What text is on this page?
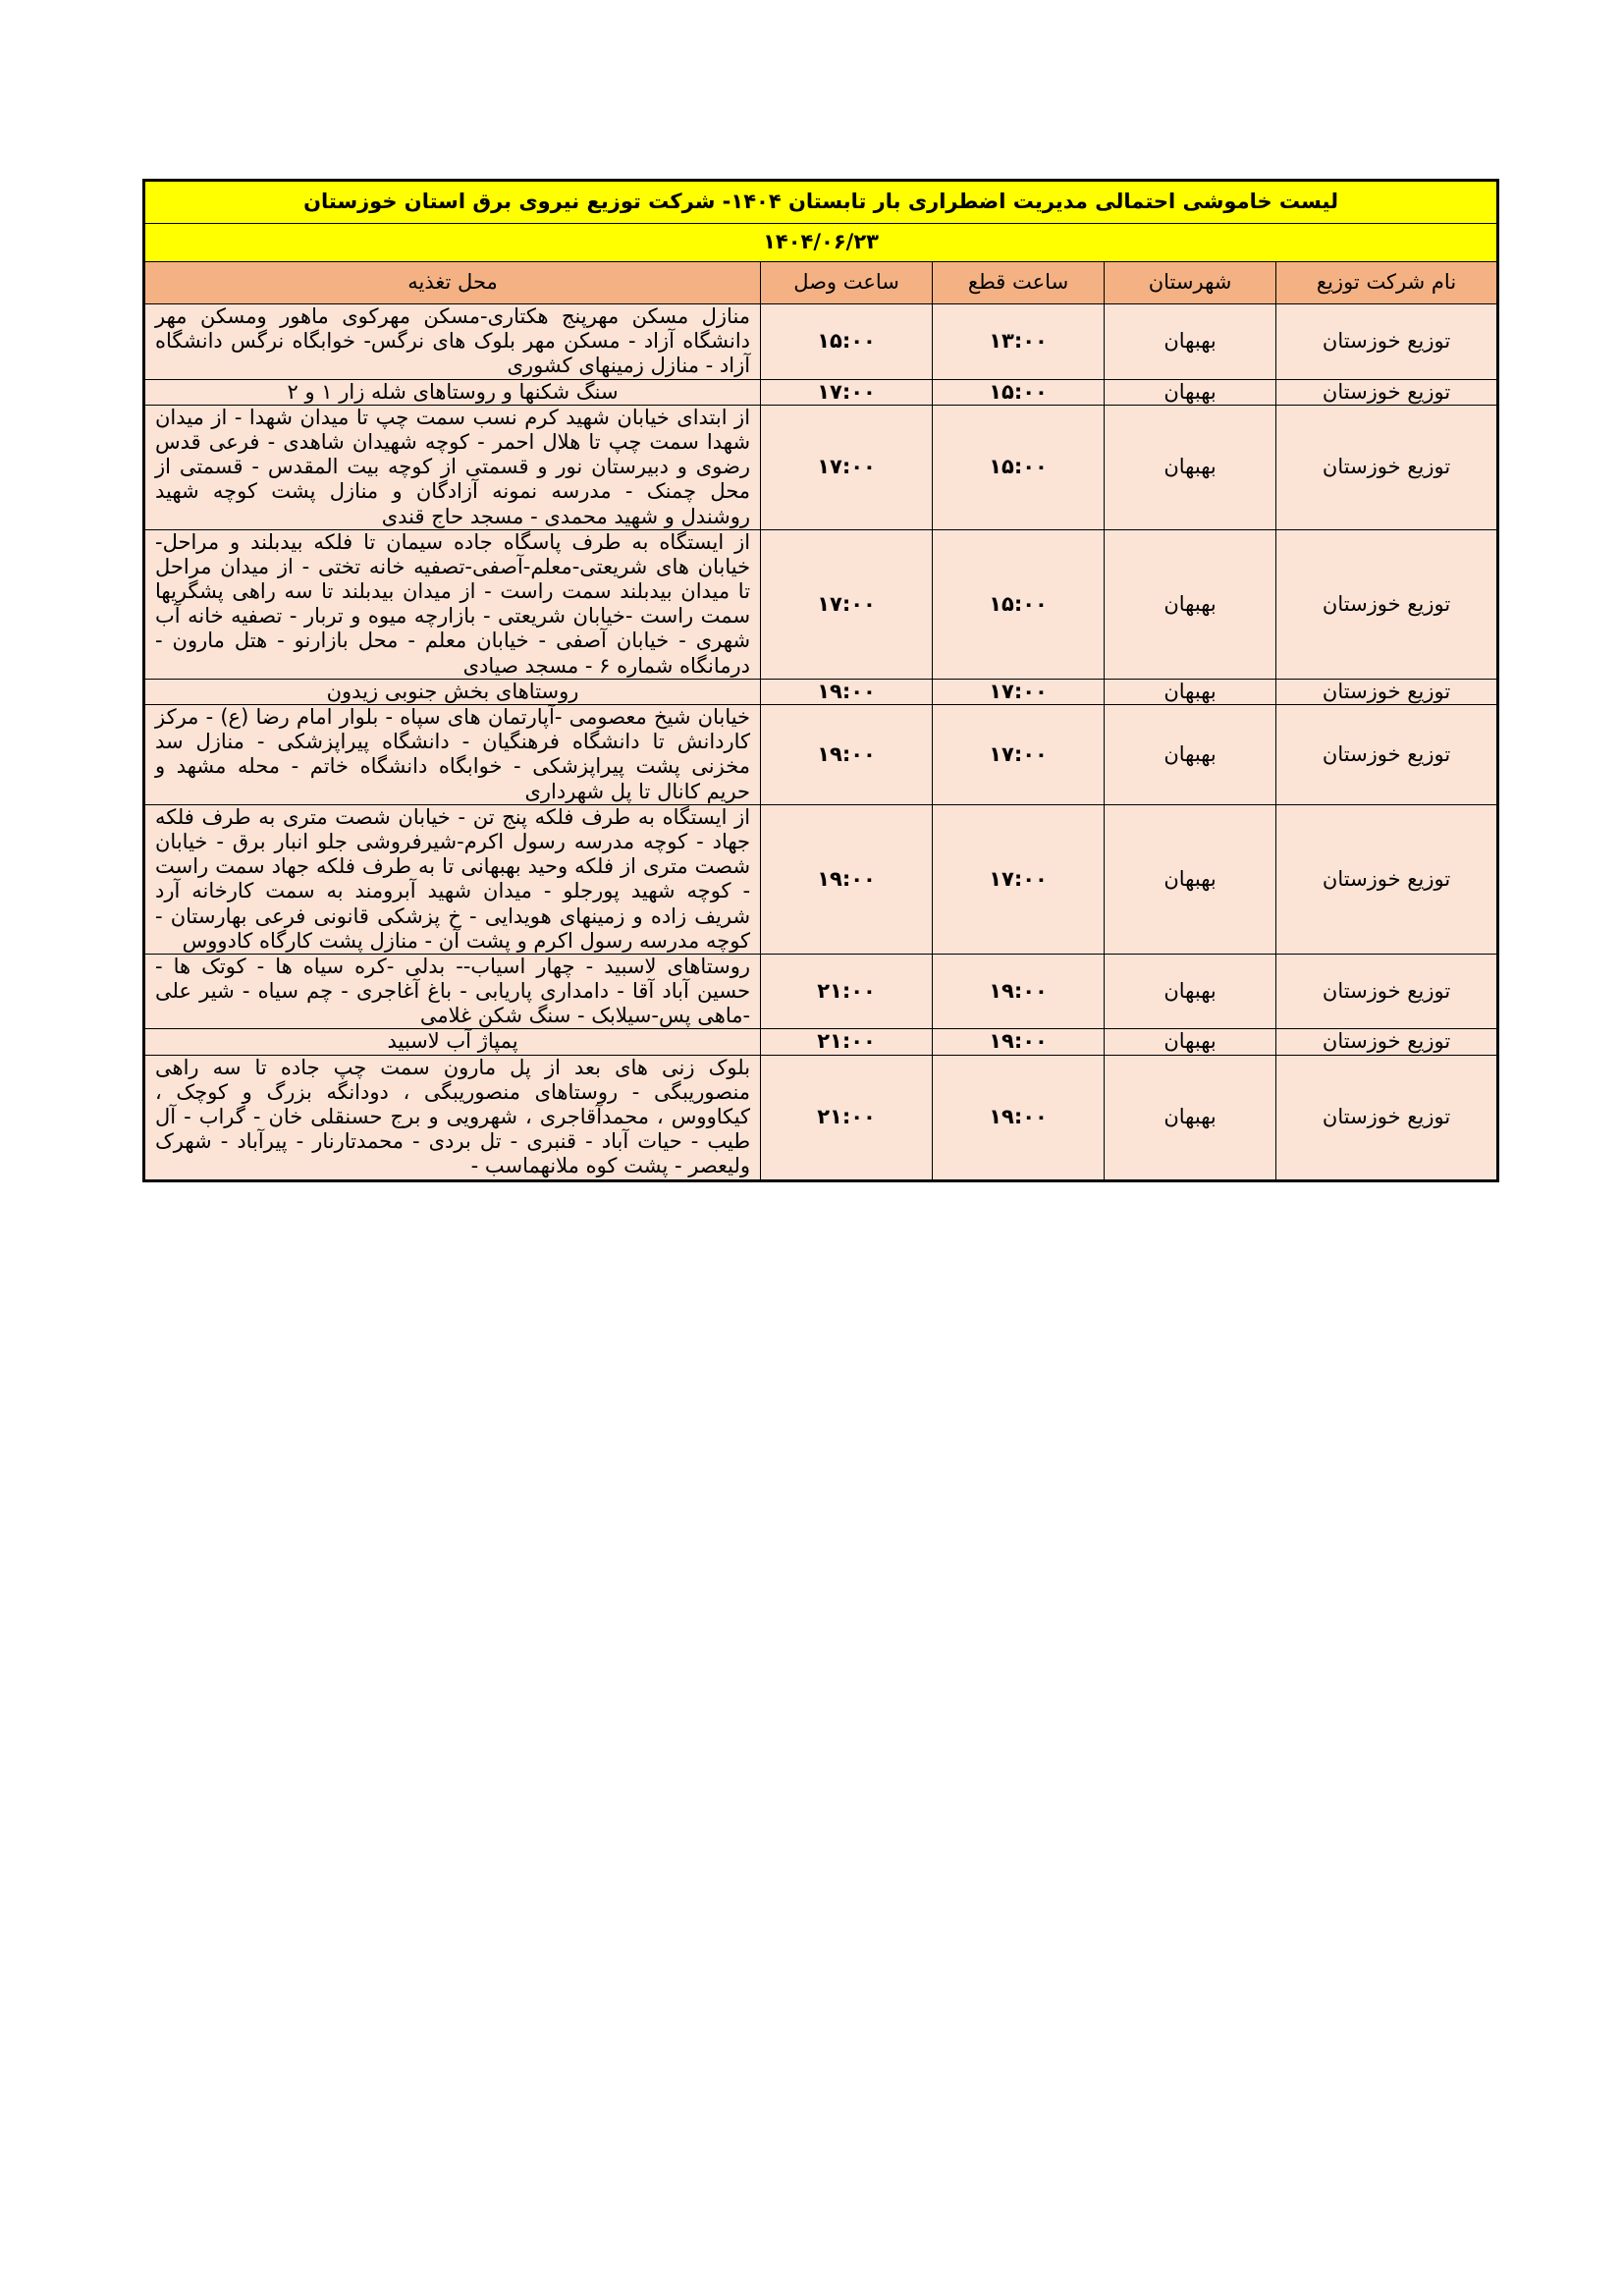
لیست خاموشی احتمالی مدیریت اضطراری بار تابستان ۱۴۰۴- شرکت توزیع نیروی برق استان خوزستان				
۱۴۰۴/۰۶/۲۳				
نام شرکت توزیع	شهرستان	ساعت قطع	ساعت وصل	محل تغذیه
توزیع خوزستان	بهبهان	۱۳:۰۰	۱۵:۰۰	منازل مسکن مهرپنج هکتاری-مسکن مهرکوی ماهور ومسکن مهر دانشگاه آزاد - مسکن مهر بلوک های نرگس- خوابگاه نرگس دانشگاه آزاد - منازل زمینهای کشوری
توزیع خوزستان	بهبهان	۱۵:۰۰	۱۷:۰۰	سنگ شکنها و روستاهای شله زار ۱ و ۲
توزیع خوزستان	بهبهان	۱۵:۰۰	۱۷:۰۰	از ابتدای خیابان شهید کرم نسب سمت چپ تا میدان شهدا - از میدان شهدا سمت چپ تا هلال احمر - کوچه شهیدان شاهدی - فرعی قدس رضوی و دبیرستان نور و قسمتی از کوچه بیت المقدس - قسمتی از محل چمنک - مدرسه نمونه آزادگان و منازل پشت کوچه شهید روشندل و شهید محمدی - مسجد حاج قندی
توزیع خوزستان	بهبهان	۱۵:۰۰	۱۷:۰۰	از ایستگاه به طرف پاسگاه جاده سیمان تا فلکه بیدبلند و مراحل- خیابان های شریعتی-معلم-آصفی-تصفیه خانه تختی - از میدان مراحل تا میدان بیدبلند سمت راست - از میدان بیدبلند تا سه راهی پشگریها سمت راست -خیابان شریعتی - بازارچه میوه و تربار - تصفیه خانه آب شهری - خیابان آصفی - خیابان معلم - محل بازارنو - هتل مارون - درمانگاه شماره ۶ - مسجد صیادی
توزیع خوزستان	بهبهان	۱۷:۰۰	۱۹:۰۰	روستاهای بخش جنوبی زیدون
توزیع خوزستان	بهبهان	۱۷:۰۰	۱۹:۰۰	خیابان شیخ معصومی -آپارتمان های سپاه - بلوار امام رضا (ع) - مرکز کاردانش تا دانشگاه فرهنگیان - دانشگاه پیراپزشکی - منازل سد مخزنی پشت پیراپزشکی - خوابگاه دانشگاه خاتم - محله مشهد و حریم کانال تا پل شهرداری
توزیع خوزستان	بهبهان	۱۷:۰۰	۱۹:۰۰	از ایستگاه به طرف فلکه پنج تن - خیابان شصت متری به طرف فلکه جهاد - کوچه مدرسه رسول اکرم-شیرفروشی جلو انبار برق - خیابان شصت متری از فلکه وحید بهبهانی تا به طرف فلکه جهاد سمت راست - کوچه شهید پورجلو - میدان شهید آبرومند به سمت کارخانه آرد شریف زاده و زمینهای هویدایی - خ پزشکی قانونی فرعی بهارستان - کوچه مدرسه رسول اکرم و پشت آن - منازل پشت کارگاه کادووس
توزیع خوزستان	بهبهان	۱۹:۰۰	۲۱:۰۰	روستاهای لاسبید - چهار اسیاب-- بدلی -کره سیاه ها - کوتک ها - حسین آباد آقا - دامداری پاریابی - باغ آغاجری - چم سیاه - شیر علی -ماهی پس-سیلابک - سنگ شکن غلامی
توزیع خوزستان	بهبهان	۱۹:۰۰	۲۱:۰۰	پمپاژ آب لاسبید
توزیع خوزستان	بهبهان	۱۹:۰۰	۲۱:۰۰	بلوک زنی های بعد از پل مارون سمت چپ جاده تا سه راهی منصوریبگی - روستاهای منصوریبگی ، دودانگه بزرگ و کوچک ، کیکاووس ، محمدآقاجری ، شهرویی و برج حسنقلی خان - گراب - آل طیب - حیات آباد - قنبری - تل بردی - محمدتارنار - پیرآباد - شهرک ولیعصر - پشت کوه ملانهماسب -
